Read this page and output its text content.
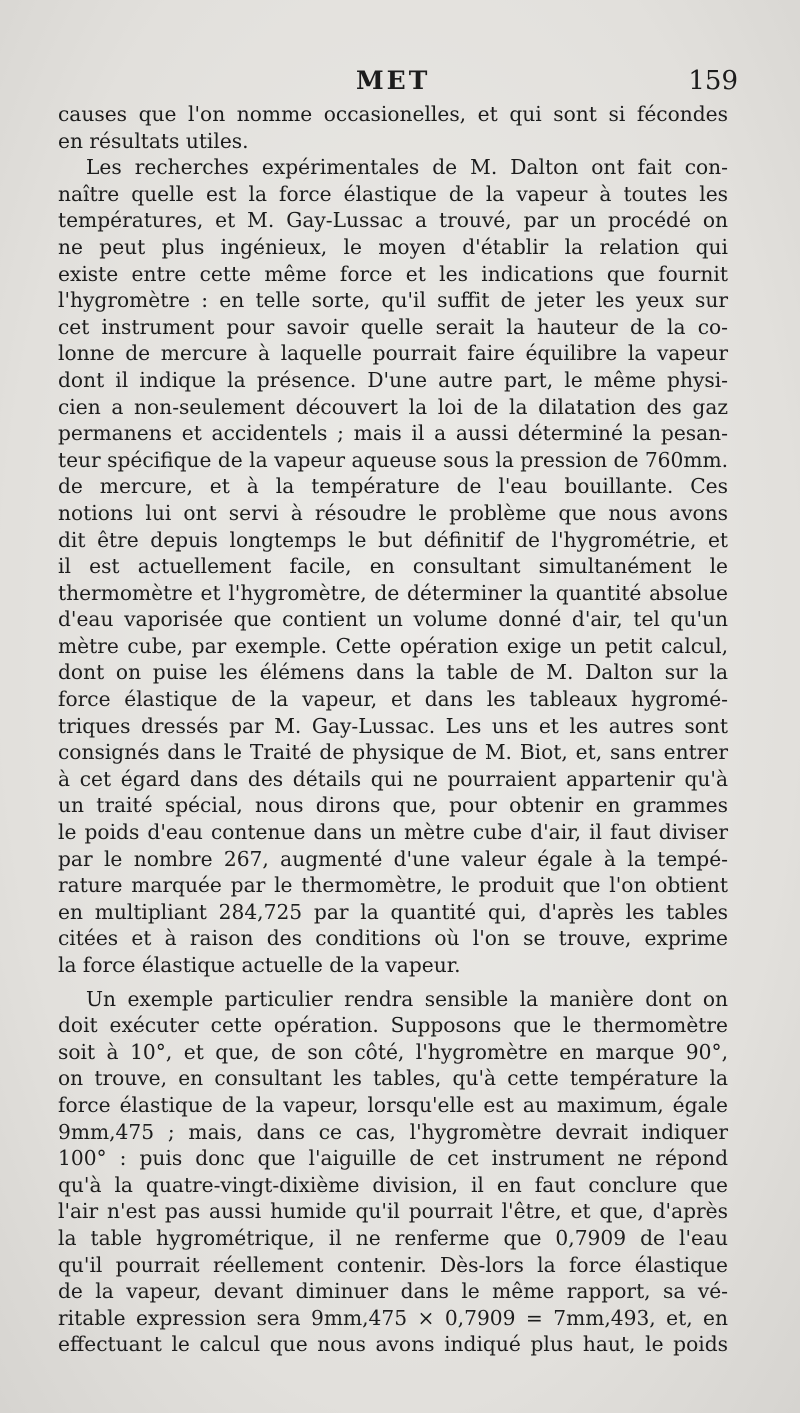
MET	159
causes que l'on nomme occasionelles, et qui sont si fécondes
en résultats utiles.
Les recherches expérimentales de M. Dalton ont fait con-
naître quelle est la force élastique de la vapeur à toutes les
températures, et M. Gay-Lussac a trouvé, par un procédé on
ne peut plus ingénieux, le moyen d'établir la relation qui
existe entre cette même force et les indications que fournit
l'hygromètre : en telle sorte, qu'il suffit de jeter les yeux sur
cet instrument pour savoir quelle serait la hauteur de la co-
lonne de mercure à laquelle pourrait faire équilibre la vapeur
dont il indique la présence. D'une autre part, le même physi-
cien a non-seulement découvert la loi de la dilatation des gaz
permanens et accidentels ; mais il a aussi déterminé la pesan-
teur spécifique de la vapeur aqueuse sous la pression de 760mm.
de mercure, et à la température de l'eau bouillante. Ces
notions lui ont servi à résoudre le problème que nous avons
dit être depuis longtemps le but définitif de l'hygrométrie, et
il est actuellement facile, en consultant simultanément le
thermomètre et l'hygromètre, de déterminer la quantité absolue
d'eau vaporisée que contient un volume donné d'air, tel qu'un
mètre cube, par exemple. Cette opération exige un petit calcul,
dont on puise les élémens dans la table de M. Dalton sur la
force élastique de la vapeur, et dans les tableaux hygromé-
triques dressés par M. Gay-Lussac. Les uns et les autres sont
consignés dans le Traité de physique de M. Biot, et, sans entrer
à cet égard dans des détails qui ne pourraient appartenir qu'à
un traité spécial, nous dirons que, pour obtenir en grammes
le poids d'eau contenue dans un mètre cube d'air, il faut diviser
par le nombre 267, augmenté d'une valeur égale à la tempé-
rature marquée par le thermomètre, le produit que l'on obtient
en multipliant 284,725 par la quantité qui, d'après les tables
citées et à raison des conditions où l'on se trouve, exprime
la force élastique actuelle de la vapeur.
Un exemple particulier rendra sensible la manière dont on
doit exécuter cette opération. Supposons que le thermomètre
soit à 10°, et que, de son côté, l'hygromètre en marque 90°,
on trouve, en consultant les tables, qu'à cette température la
force élastique de la vapeur, lorsqu'elle est au maximum, égale
9mm,475 ; mais, dans ce cas, l'hygromètre devrait indiquer
100° : puis donc que l'aiguille de cet instrument ne répond
qu'à la quatre-vingt-dixième division, il en faut conclure que
l'air n'est pas aussi humide qu'il pourrait l'être, et que, d'après
la table hygrométrique, il ne renferme que 0,7909 de l'eau
qu'il pourrait réellement contenir. Dès-lors la force élastique
de la vapeur, devant diminuer dans le même rapport, sa vé-
ritable expression sera 9mm,475 × 0,7909 = 7mm,493, et, en
effectuant le calcul que nous avons indiqué plus haut, le poids
